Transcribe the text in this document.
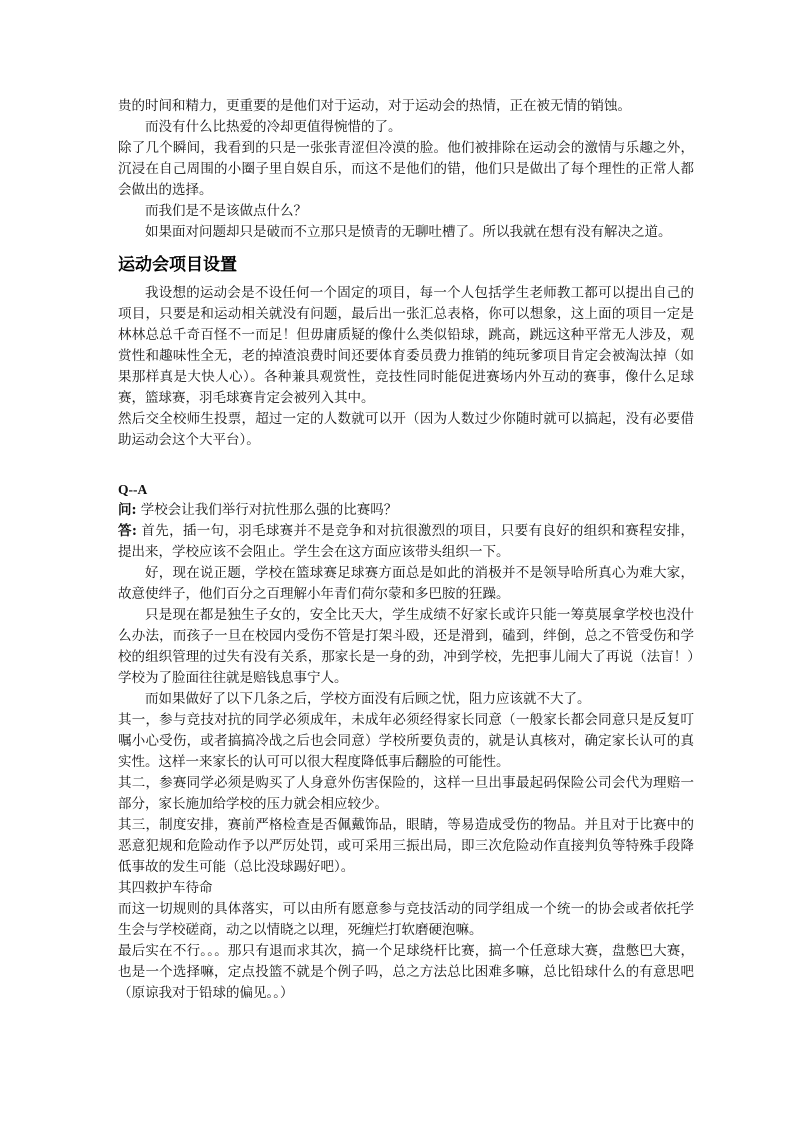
贵的时间和精力，更重要的是他们对于运动，对于运动会的热情，正在被无情的销蚀。

而没有什么比热爱的冷却更值得惋惜的了。

除了几个瞬间，我看到的只是一张张青涩但冷漠的脸。他们被排除在运动会的激情与乐趣之外，沉浸在自己周围的小圈子里自娱自乐，而这不是他们的错，他们只是做出了每个理性的正常人都会做出的选择。

而我们是不是该做点什么？

如果面对问题却只是破而不立那只是愤青的无聊吐槽了。所以我就在想有没有解决之道。

运动会项目设置

我设想的运动会是不设任何一个固定的项目，每一个人包括学生老师教工都可以提出自己的项目，只要是和运动相关就没有问题，最后出一张汇总表格，你可以想象，这上面的项目一定是林林总总千奇百怪不一而足！但毋庸质疑的像什么类似铅球，跳高，跳远这种平常无人涉及，观赏性和趣味性全无，老的掉渣浪费时间还要体育委员费力推销的纯玩爹项目肯定会被淘汰掉（如果那样真是大快人心）。各种兼具观赏性，竞技性同时能促进赛场内外互动的赛事，像什么足球赛，篮球赛，羽毛球赛肯定会被列入其中。

然后交全校师生投票，超过一定的人数就可以开（因为人数过少你随时就可以搞起，没有必要借助运动会这个大平台）。

Q--A

问: 学校会让我们举行对抗性那么强的比赛吗？

答: 首先，插一句，羽毛球赛并不是竞争和对抗很激烈的项目，只要有良好的组织和赛程安排，提出来，学校应该不会阻止。学生会在这方面应该带头组织一下。

好，现在说正题，学校在篮球赛足球赛方面总是如此的消极并不是领导哈所真心为难大家，故意使绊子，他们百分之百理解小年青们荷尔蒙和多巴胺的狂躁。

只是现在都是独生子女的，安全比天大，学生成绩不好家长或许只能一筹莫展拿学校也没什么办法，而孩子一旦在校园内受伤不管是打架斗殴，还是滑到，磕到，绊倒，总之不管受伤和学校的组织管理的过失有没有关系，那家长是一身的劲，冲到学校，先把事儿闹大了再说（法盲！）学校为了脸面往往就是赔钱息事宁人。

而如果做好了以下几条之后，学校方面没有后顾之忧，阻力应该就不大了。

其一，参与竞技对抗的同学必须成年，未成年必须经得家长同意（一般家长都会同意只是反复叮嘱小心受伤，或者搞搞冷战之后也会同意）学校所要负责的，就是认真核对，确定家长认可的真实性。这样一来家长的认可可以很大程度降低事后翻脸的可能性。

其二，参赛同学必须是购买了人身意外伤害保险的，这样一旦出事最起码保险公司会代为理赔一部分，家长施加给学校的压力就会相应较少。

其三，制度安排，赛前严格检查是否佩戴饰品，眼睛，等易造成受伤的物品。并且对于比赛中的恶意犯规和危险动作予以严厉处罚，或可采用三振出局，即三次危险动作直接判负等特殊手段降低事故的发生可能（总比没球踢好吧）。

其四救护车待命

而这一切规则的具体落实，可以由所有愿意参与竞技活动的同学组成一个统一的协会或者依托学生会与学校磋商，动之以情晓之以理，死缠烂打软磨硬泡嘛。

最后实在不行。。。那只有退而求其次，搞一个足球绕杆比赛，搞一个任意球大赛，盘憋巴大赛，也是一个选择嘛，定点投篮不就是个例子吗，总之方法总比困难多嘛，总比铅球什么的有意思吧（原谅我对于铅球的偏见。。）
